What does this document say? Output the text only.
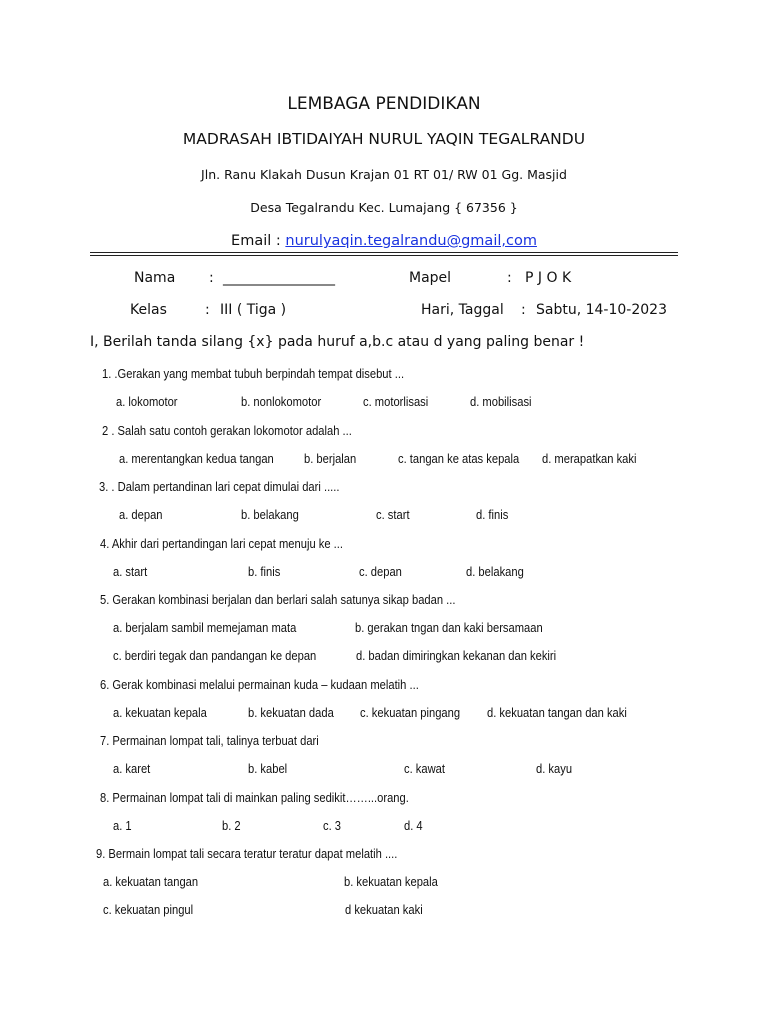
LEMBAGA PENDIDIKAN
MADRASAH IBTIDAIYAH NURUL YAQIN TEGALRANDU
Jln. Ranu Klakah Dusun Krajan 01 RT 01/ RW 01 Gg. Masjid
Desa Tegalrandu Kec. Lumajang { 67356 }
Email : nurulyaqin.tegalrandu@gmail,com
Nama : ________________	Mapel	: P J O K
Kelas	: III ( Tiga )	Hari, Taggal : Sabtu, 14-10-2023
I, Berilah tanda silang {x} pada huruf a,b.c atau d yang paling benar !
1. .Gerakan yang membat tubuh berpindah tempat disebut ...
a. lokomotor	b. nonlokomotor	c. motorlisasi	d. mobilisasi
2 . Salah satu contoh gerakan lokomotor adalah ...
a. merentangkan kedua tangan b. berjalan	c. tangan ke atas kepala d. merapatkan kaki
3. . Dalam pertandinan lari cepat dimulai dari .....
a. depan	b. belakang	c. start	d. finis
4. Akhir dari pertandingan lari cepat menuju ke ...
a. start	b. finis	c. depan	d. belakang
5. Gerakan kombinasi berjalan dan berlari salah satunya sikap badan ...
a. berjalam sambil memejaman mata	b. gerakan tngan dan kaki bersamaan
c. berdiri tegak dan pandangan ke depan	d. badan dimiringkan kekanan dan kekiri
6. Gerak kombinasi melalui permainan kuda – kudaan melatih ...
a. kekuatan kepala	b. kekuatan dada c. kekuatan pingang d. kekuatan tangan dan kaki
7. Permainan lompat tali, talinya terbuat dari
a. karet	b. kabel	c. kawat	d. kayu
8. Permainan lompat tali di mainkan paling sedikit……...orang.
a. 1	b. 2	c. 3	d. 4
9. Bermain lompat tali secara teratur teratur dapat melatih ....
a. kekuatan tangan	b. kekuatan kepala
c. kekuatan pingul	d kekuatan kaki
